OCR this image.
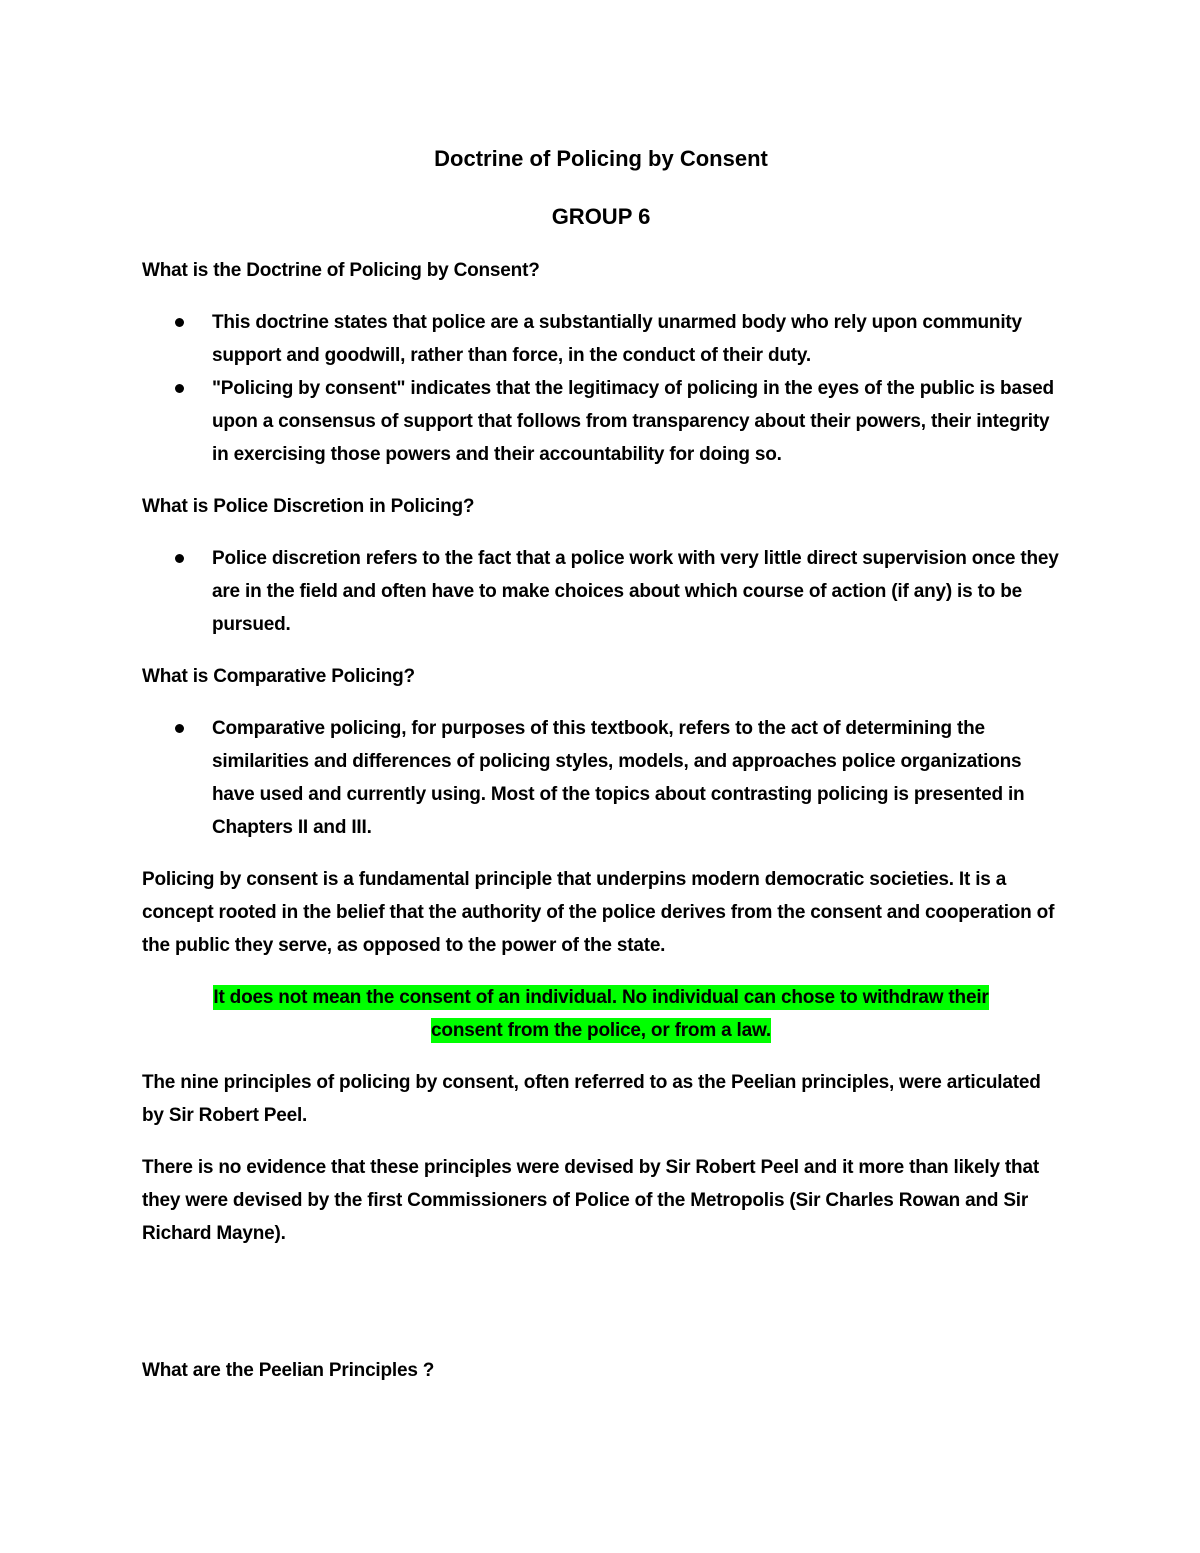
Doctrine of Policing by Consent
GROUP 6
What is the Doctrine of Policing by Consent?
This doctrine states that police are a substantially unarmed body who rely upon community support and goodwill, rather than force, in the conduct of their duty.
"Policing by consent" indicates that the legitimacy of policing in the eyes of the public is based upon a consensus of support that follows from transparency about their powers, their integrity in exercising those powers and their accountability for doing so.
What is Police Discretion in Policing?
Police discretion refers to the fact that a police work with very little direct supervision once they are in the field and often have to make choices about which course of action (if any) is to be pursued.
What is Comparative Policing?
Comparative policing, for purposes of this textbook, refers to the act of determining the similarities and differences of policing styles, models, and approaches police organizations have used and currently using. Most of the topics about contrasting policing is presented in Chapters II and III.
Policing by consent is a fundamental principle that underpins modern democratic societies. It is a concept rooted in the belief that the authority of the police derives from the consent and cooperation of the public they serve, as opposed to the power of the state.
It does not mean the consent of an individual. No individual can chose to withdraw their
consent from the police, or from a law.
The nine principles of policing by consent, often referred to as the Peelian principles, were articulated by Sir Robert Peel.
There is no evidence that these principles were devised by Sir Robert Peel and it more than likely that they were devised by the first Commissioners of Police of the Metropolis (Sir Charles Rowan and Sir Richard Mayne).
What are the Peelian Principles ?
